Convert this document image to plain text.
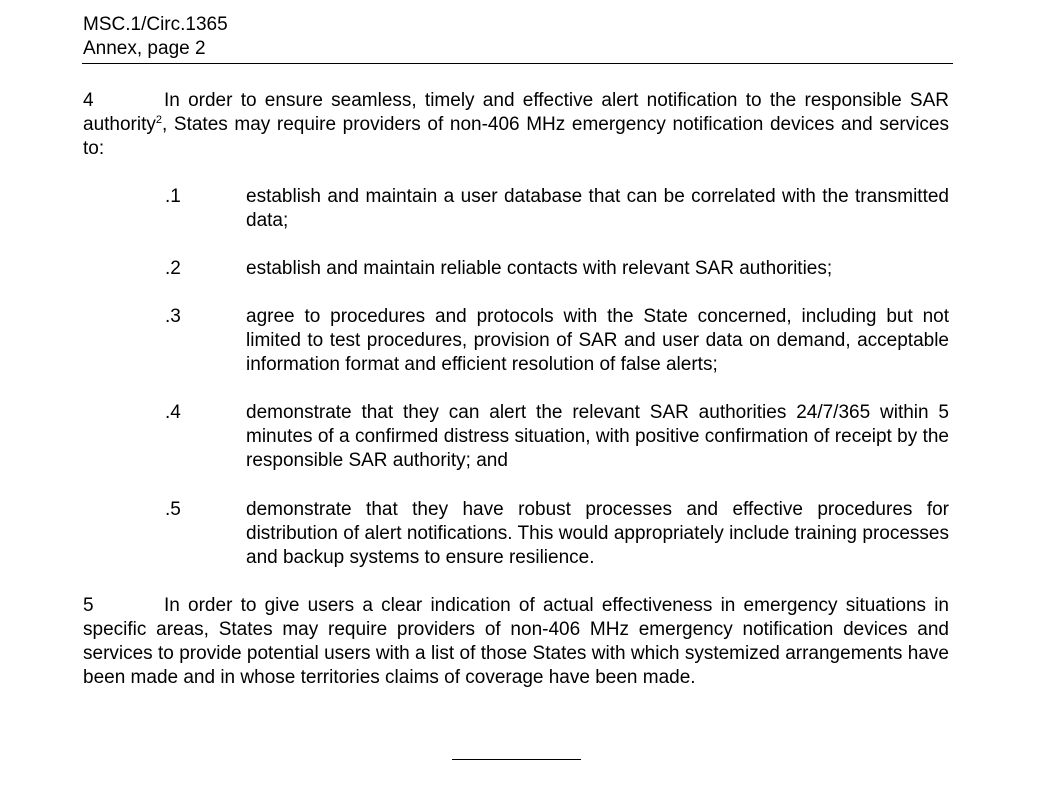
MSC.1/Circ.1365
Annex, page 2
4	In order to ensure seamless, timely and effective alert notification to the responsible SAR authority$^2$, States may require providers of non-406 MHz emergency notification devices and services to:
.1	establish and maintain a user database that can be correlated with the transmitted data;
.2	establish and maintain reliable contacts with relevant SAR authorities;
.3	agree to procedures and protocols with the State concerned, including but not limited to test procedures, provision of SAR and user data on demand, acceptable information format and efficient resolution of false alerts;
.4	demonstrate that they can alert the relevant SAR authorities 24/7/365 within 5 minutes of a confirmed distress situation, with positive confirmation of receipt by the responsible SAR authority; and
.5	demonstrate that they have robust processes and effective procedures for distribution of alert notifications. This would appropriately include training processes and backup systems to ensure resilience.
5	In order to give users a clear indication of actual effectiveness in emergency situations in specific areas, States may require providers of non-406 MHz emergency notification devices and services to provide potential users with a list of those States with which systemized arrangements have been made and in whose territories claims of coverage have been made.
